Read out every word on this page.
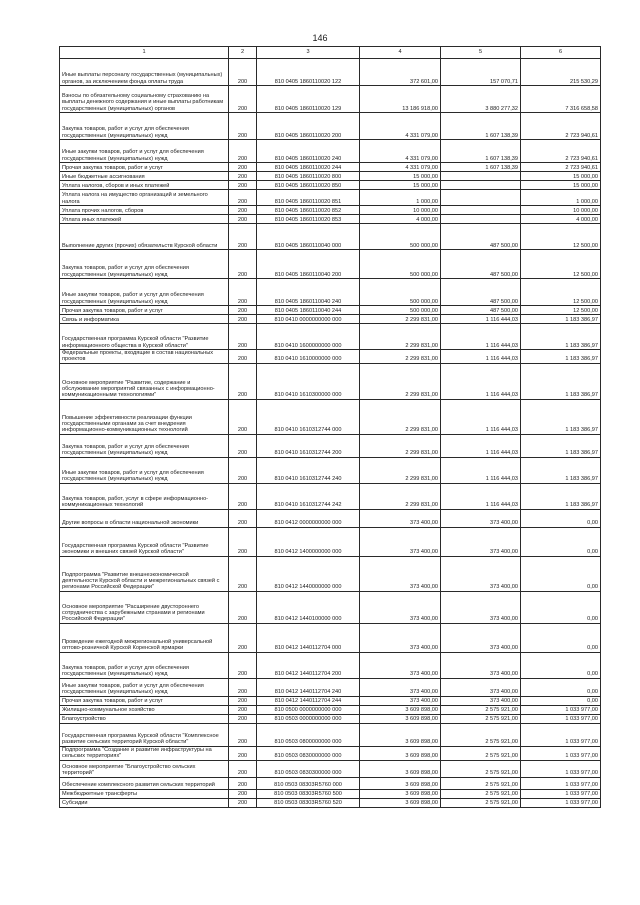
146
1	2	3	4	5	6
Иные выплаты персоналу государственных (муниципальных) органов, за исключением фонда оплаты труда	200	810 0405 1860110020 122	372 601,00	157 070,71	215 530,29
Взносы по обязательному социальному страхованию на выплаты денежного содержания и иные выплаты работникам государственных (муниципальных) органов	200	810 0405 1860110020 129	13 186 918,00	3 880 277,32	7 316 658,58
Закупка товаров, работ и услуг для обеспечения государственных (муниципальных) нужд	200	810 0405 1860110020 200	4 331 079,00	1 607 138,39	2 723 940,61
Иные закупки товаров, работ и услуг для обеспечения государственных (муниципальных) нужд	200	810 0405 1860110020 240	4 331 079,00	1 607 138,39	2 723 940,61
Прочая закупка товаров, работ и услуг	200	810 0405 1860110020 244	4 331 079,00	1 607 138,39	2 723 940,61
Иные бюджетные ассигнования	200	810 0405 1860110020 800	15 000,00		15 000,00
Уплата налогов, сборов и иных платежей	200	810 0405 1860110020 850	15 000,00		15 000,00
Уплата налога на имущество организаций и земельного налога	200	810 0405 1860110020 851	1 000,00		1 000,00
Уплата прочих налогов, сборов	200	810 0405 1860110020 852	10 000,00		10 000,00
Уплата иных платежей	200	810 0405 1860110020 853	4 000,00		4 000,00
Выполнение других (прочих) обязательств Курской области	200	810 0405 1860110040 000	500 000,00	487 500,00	12 500,00
Закупка товаров, работ и услуг для обеспечения государственных (муниципальных) нужд	200	810 0405 1860110040 200	500 000,00	487 500,00	12 500,00
Иные закупки товаров, работ и услуг для обеспечения государственных (муниципальных) нужд	200	810 0405 1860110040 240	500 000,00	487 500,00	12 500,00
Прочая закупка товаров, работ и услуг	200	810 0405 1860110040 244	500 000,00	487 500,00	12 500,00
Связь и информатика	200	810 0410 0000000000 000	2 299 831,00	1 116 444,03	1 183 386,97
Государственная программа Курской области "Развитие информационного общества в Курской области"	200	810 0410 1600000000 000	2 299 831,00	1 116 444,03	1 183 386,97
Федеральные проекты, входящие в состав национальных проектов	200	810 0410 1610000000 000	2 299 831,00	1 116 444,03	1 183 386,97
Основное мероприятие "Развитие, содержание и обслуживание мероприятий связанных с информационно-коммуникационными технологиями"	200	810 0410 1610300000 000	2 299 831,00	1 116 444,03	1 183 386,97
Повышение эффективности реализации функции государственными органами за счет внедрения информационно-коммуникационных технологий	200	810 0410 1610312744 000	2 299 831,00	1 116 444,03	1 183 386,97
Закупка товаров, работ и услуг для обеспечения государственных (муниципальных) нужд	200	810 0410 1610312744 200	2 299 831,00	1 116 444,03	1 183 386,97
Иные закупки товаров, работ и услуг для обеспечения государственных (муниципальных) нужд	200	810 0410 1610312744 240	2 299 831,00	1 116 444,03	1 183 386,97
Закупка товаров, работ, услуг в сфере информационно-коммуникационных технологий	200	810 0410 1610312744 242	2 299 831,00	1 116 444,03	1 183 386,97
Другие вопросы в области национальной экономики	200	810 0412 0000000000 000	373 400,00	373 400,00	0,00
Государственная программа Курской области "Развитие экономики и внешних связей Курской области"	200	810 0412 1400000000 000	373 400,00	373 400,00	0,00
Подпрограмма "Развитие внешнеэкономической деятельности Курской области и межрегиональных связей с регионами Российской Федерации"	200	810 0412 1440000000 000	373 400,00	373 400,00	0,00
Основное мероприятие "Расширение двустороннего сотрудничества с зарубежными странами и регионами Российской Федерации"	200	810 0412 1440100000 000	373 400,00	373 400,00	0,00
Проведение ежегодной межрегиональной универсальной оптово-розничной Курской Коренской ярмарки	200	810 0412 1440112704 000	373 400,00	373 400,00	0,00
Закупка товаров, работ и услуг для обеспечения государственных (муниципальных) нужд	200	810 0412 1440112704 200	373 400,00	373 400,00	0,00
Иные закупки товаров, работ и услуг для обеспечения государственных (муниципальных) нужд	200	810 0412 1440112704 240	373 400,00	373 400,00	0,00
Прочая закупка товаров, работ и услуг	200	810 0412 1440112704 244	373 400,00	373 400,00	0,00
Жилищно-коммунальное хозяйство	200	810 0500 0000000000 000	3 609 898,00	2 575 921,00	1 033 977,00
Благоустройство	200	810 0503 0000000000 000	3 609 898,00	2 575 921,00	1 033 977,00
Государственная программа Курской области "Комплексное развитие сельских территорий Курской области"	200	810 0503 0800000000 000	3 609 898,00	2 575 921,00	1 033 977,00
Подпрограмма "Создание и развитие инфраструктуры на сельских территориях"	200	810 0503 0830000000 000	3 609 898,00	2 575 921,00	1 033 977,00
Основное мероприятие "Благоустройство сельских территорий"	200	810 0503 0830300000 000	3 609 898,00	2 575 921,00	1 033 977,00
Обеспечение комплексного развития сельских территорий	200	810 0503 08303R5760 000	3 609 898,00	2 575 921,00	1 033 977,00
Межбюджетные трансферты	200	810 0503 08303R5760 500	3 609 898,00	2 575 921,00	1 033 977,00
Субсидии	200	810 0503 08303R5760 520	3 609 898,00	2 575 921,00	1 033 977,00
